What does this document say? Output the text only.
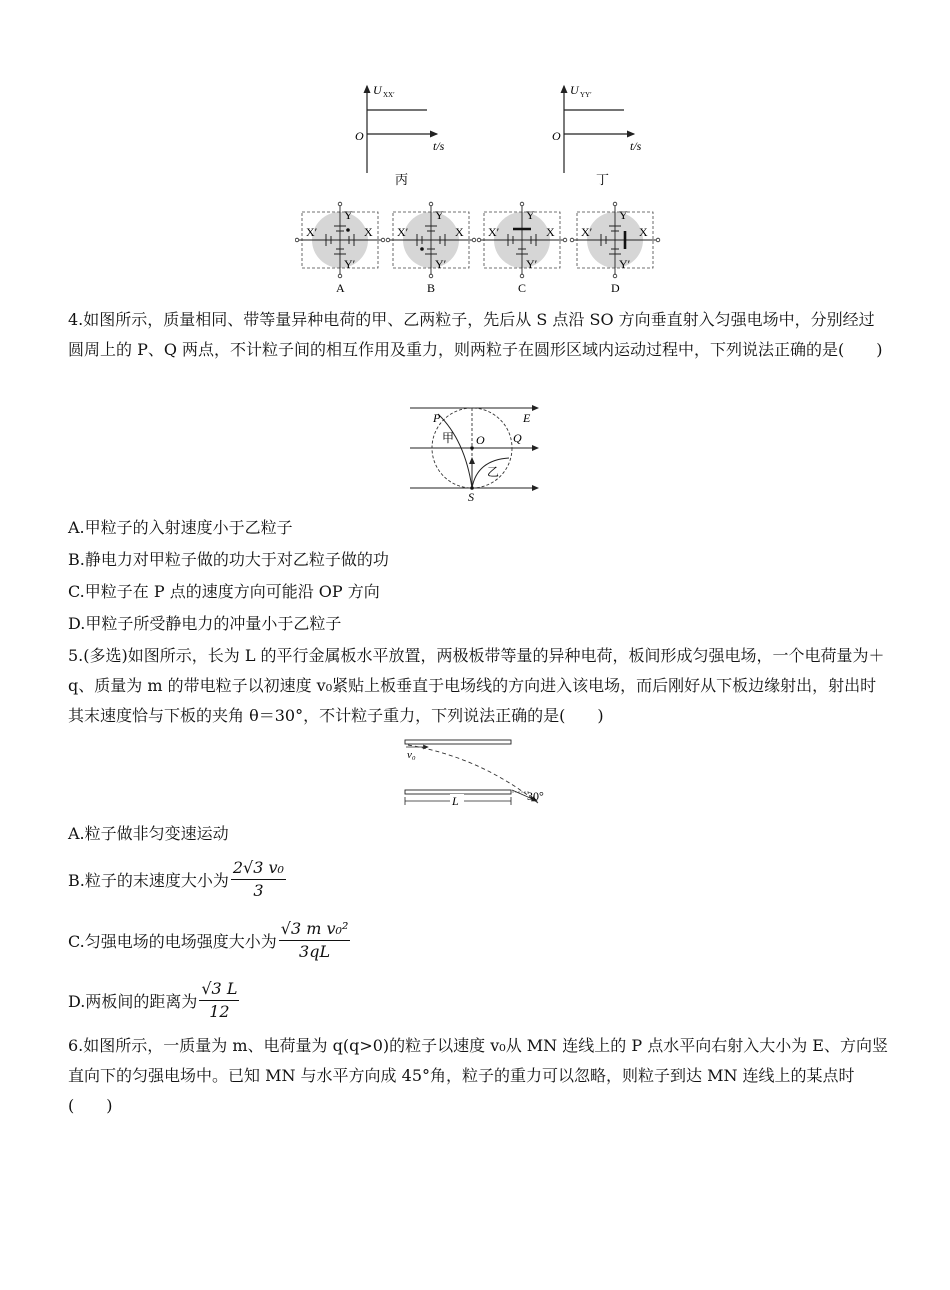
U XX′
O
t/s
丙
U YY′
O
t/s
丁
Y
Y′
X′	X
A
Y
Y′
X′	X
B
Y
Y′
X′	X
C
Y
Y′
X′	X
D
4.如图所示，质量相同、带等量异种电荷的甲、乙两粒子，先后从 S 点沿 SO 方向垂直射入匀强电场中，分别经过圆周上的 P、Q 两点，不计粒子间的相互作用及重力，则两粒子在圆形区域内运动过程中，下列说法正确的是(　　)
P	E
甲 O Q
乙
S
A.甲粒子的入射速度小于乙粒子
B.静电力对甲粒子做的功大于对乙粒子做的功
C.甲粒子在 P 点的速度方向可能沿 OP 方向
D.甲粒子所受静电力的冲量小于乙粒子
5.(多选)如图所示，长为 L 的平行金属板水平放置，两极板带等量的异种电荷，板间形成匀强电场，一个电荷量为＋q、质量为 m 的带电粒子以初速度 v₀紧贴上板垂直于电场线的方向进入该电场，而后刚好从下板边缘射出，射出时其末速度恰与下板的夹角 θ＝30°，不计粒子重力，下列说法正确的是(　　)
v₀
L	30°
A.粒子做非匀变速运动
B.粒子的末速度大小为 $\frac{\text{2√3 v₀}}{3}$
C.匀强电场的电场强度大小为 $\frac{\text{√3 m v₀²}}{3qL}$
D.两板间的距离为 $\frac{√3 L}{12}$
6.如图所示，一质量为 m、电荷量为 q(q>0)的粒子以速度 v₀从 MN 连线上的 P 点水平向右射入大小为 E、方向竖直向下的匀强电场中。已知 MN 与水平方向成 45°角，粒子的重力可以忽略，则粒子到达 MN 连线上的某点时(　　)
